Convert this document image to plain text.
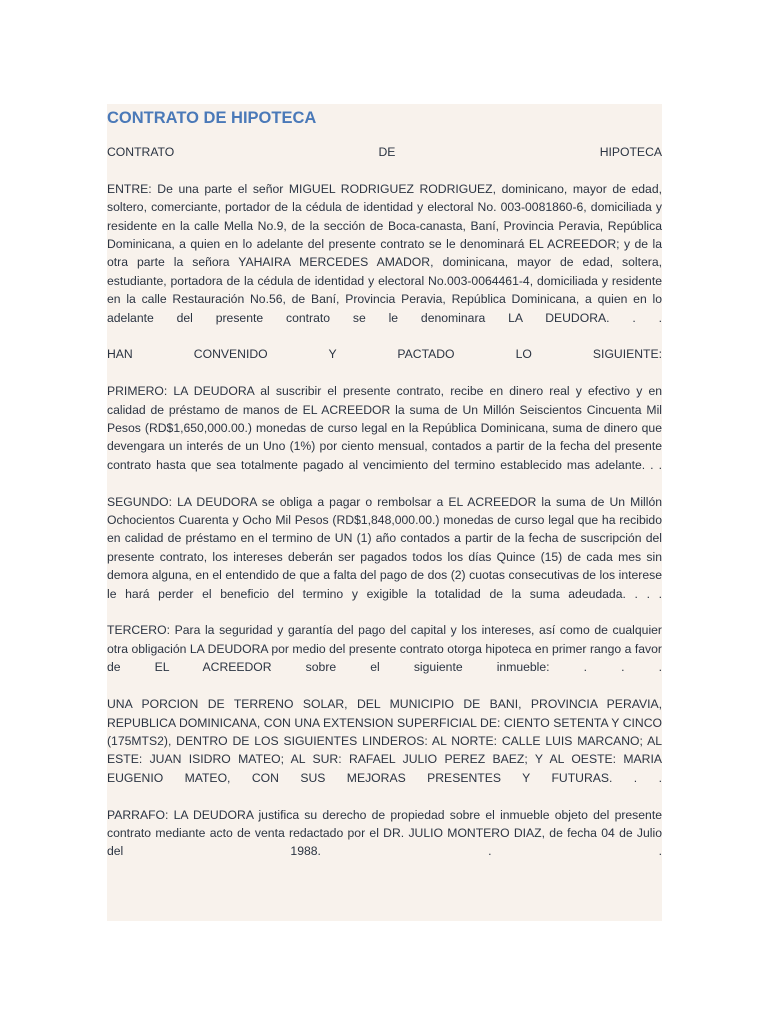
CONTRATO DE HIPOTECA

CONTRATO DE HIPOTECA

ENTRE: De una parte el señor MIGUEL RODRIGUEZ RODRIGUEZ, dominicano, mayor de edad, soltero, comerciante, portador de la cédula de identidad y electoral No. 003-0081860-6, domiciliada y residente en la calle Mella No.9, de la sección de Boca-canasta, Baní, Provincia Peravia, República Dominicana, a quien en lo adelante del presente contrato se le denominará EL ACREEDOR; y de la otra parte la señora YAHAIRA MERCEDES AMADOR, dominicana, mayor de edad, soltera, estudiante, portadora de la cédula de identidad y electoral No.003-0064461-4, domiciliada y residente en la calle Restauración No.56, de Baní, Provincia Peravia, República Dominicana, a quien en lo adelante del presente contrato se le denominara LA DEUDORA. . .

HAN CONVENIDO Y PACTADO LO SIGUIENTE:

PRIMERO: LA DEUDORA al suscribir el presente contrato, recibe en dinero real y efectivo y en calidad de préstamo de manos de EL ACREEDOR la suma de Un Millón Seiscientos Cincuenta Mil Pesos (RD$1,650,000.00.) monedas de curso legal en la República Dominicana, suma de dinero que devengara un interés de un Uno (1%) por ciento mensual, contados a partir de la fecha del presente contrato hasta que sea totalmente pagado al vencimiento del termino establecido mas adelante. . .

SEGUNDO: LA DEUDORA se obliga a pagar o rembolsar a EL ACREEDOR la suma de Un Millón Ochocientos Cuarenta y Ocho Mil Pesos (RD$1,848,000.00.) monedas de curso legal que ha recibido en calidad de préstamo en el termino de UN (1) año contados a partir de la fecha de suscripción del presente contrato, los intereses deberán ser pagados todos los días Quince (15) de cada mes sin demora alguna, en el entendido de que a falta del pago de dos (2) cuotas consecutivas de los interese le hará perder el beneficio del termino y exigible la totalidad de la suma adeudada. . . .

TERCERO: Para la seguridad y garantía del pago del capital y los intereses, así como de cualquier otra obligación LA DEUDORA por medio del presente contrato otorga hipoteca en primer rango a favor de EL ACREEDOR sobre el siguiente inmueble: . . .

UNA PORCION DE TERRENO SOLAR, DEL MUNICIPIO DE BANI, PROVINCIA PERAVIA, REPUBLICA DOMINICANA, CON UNA EXTENSION SUPERFICIAL DE: CIENTO SETENTA Y CINCO (175MTS2), DENTRO DE LOS SIGUIENTES LINDEROS: AL NORTE: CALLE LUIS MARCANO; AL ESTE: JUAN ISIDRO MATEO; AL SUR: RAFAEL JULIO PEREZ BAEZ; Y AL OESTE: MARIA EUGENIO MATEO, CON SUS MEJORAS PRESENTES Y FUTURAS. . .

PARRAFO: LA DEUDORA justifica su derecho de propiedad sobre el inmueble objeto del presente contrato mediante acto de venta redactado por el DR. JULIO MONTERO DIAZ, de fecha 04 de Julio del 1988. . .
